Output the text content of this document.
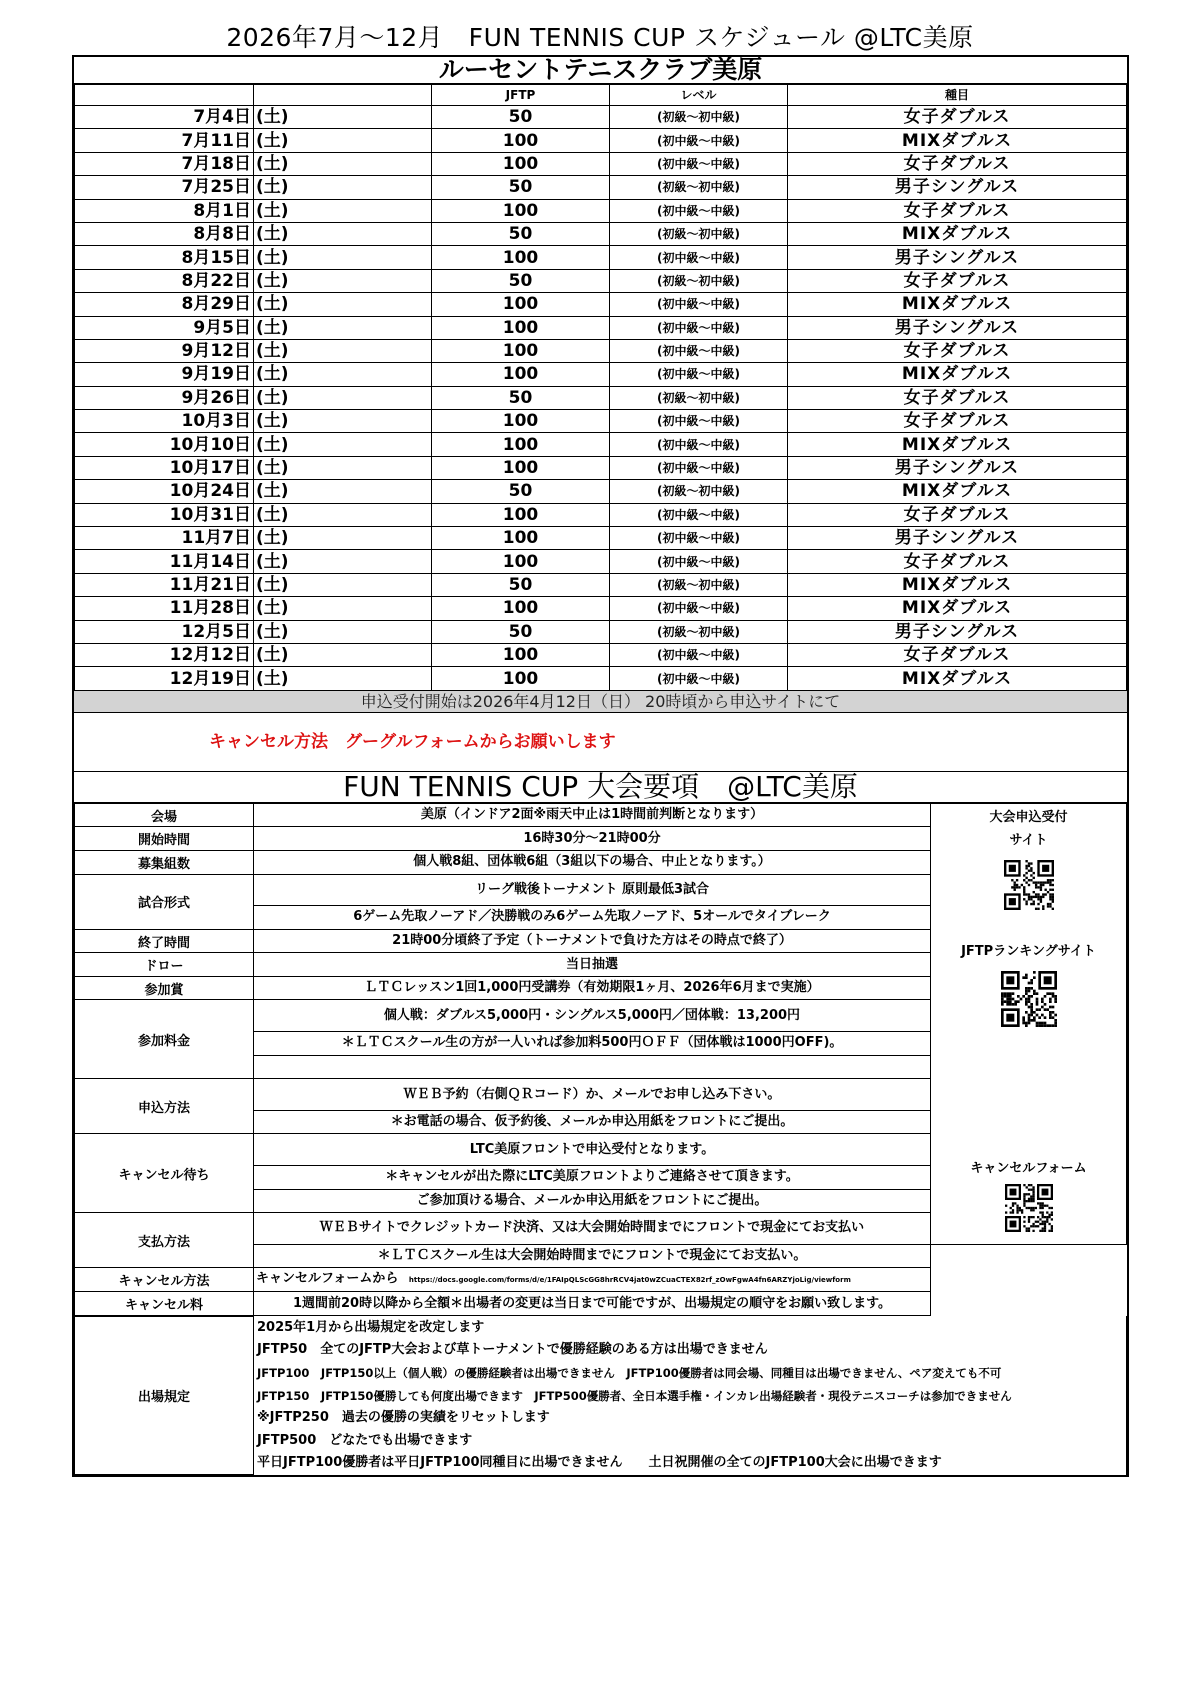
2026年7月〜12月　FUN TENNIS CUP スケジュール @LTC美原
ルーセントテニスクラブ美原
		JFTP	レベル	種目
7月4日	(土)	50	(初級〜初中級)	女子ダブルス
7月11日	(土)	100	(初中級〜中級)	MIXダブルス
7月18日	(土)	100	(初中級〜中級)	女子ダブルス
7月25日	(土)	50	(初級〜初中級)	男子シングルス
8月1日	(土)	100	(初中級〜中級)	女子ダブルス
8月8日	(土)	50	(初級〜初中級)	MIXダブルス
8月15日	(土)	100	(初中級〜中級)	男子シングルス
8月22日	(土)	50	(初級〜初中級)	女子ダブルス
8月29日	(土)	100	(初中級〜中級)	MIXダブルス
9月5日	(土)	100	(初中級〜中級)	男子シングルス
9月12日	(土)	100	(初中級〜中級)	女子ダブルス
9月19日	(土)	100	(初中級〜中級)	MIXダブルス
9月26日	(土)	50	(初級〜初中級)	女子ダブルス
10月3日	(土)	100	(初中級〜中級)	女子ダブルス
10月10日	(土)	100	(初中級〜中級)	MIXダブルス
10月17日	(土)	100	(初中級〜中級)	男子シングルス
10月24日	(土)	50	(初級〜初中級)	MIXダブルス
10月31日	(土)	100	(初中級〜中級)	女子ダブルス
11月7日	(土)	100	(初中級〜中級)	男子シングルス
11月14日	(土)	100	(初中級〜中級)	女子ダブルス
11月21日	(土)	50	(初級〜初中級)	MIXダブルス
11月28日	(土)	100	(初中級〜中級)	MIXダブルス
12月5日	(土)	50	(初級〜初中級)	男子シングルス
12月12日	(土)	100	(初中級〜中級)	女子ダブルス
12月19日	(土)	100	(初中級〜中級)	MIXダブルス
申込受付開始は2026年4月12日（日） 20時頃から申込サイトにて
キャンセル方法　グーグルフォームからお願いします
FUN TENNIS CUP 大会要項　@LTC美原
会場	美原（インドア2面※雨天中止は1時間前判断となります）	大会申込受付
サイト
JFTPランキングサイト
キャンセルフォーム

開始時間	16時30分〜21時00分	
募集組数	個人戦8組、団体戦6組（3組以下の場合、中止となります。）	
試合形式	リーグ戦後トーナメント 原則最低3試合	
	6ゲーム先取ノーアド／決勝戦のみ6ゲーム先取ノーアド、5オールでタイブレーク	
終了時間	21時00分頃終了予定（トーナメントで負けた方はその時点で終了）	
ドロー	当日抽選	
参加賞	ＬＴＣレッスン1回1,000円受講券（有効期限1ヶ月、2026年6月まで実施）	
参加料金	個人戦：ダブルス5,000円・シングルス5,000円／団体戦：13,200円	
	＊ＬＴＣスクール生の方が一人いれば参加料500円ＯＦＦ（団体戦は1000円OFF)。	

申込方法	ＷＥＢ予約（右側ＱＲコード）か、メールでお申し込み下さい。	
	＊お電話の場合、仮予約後、メールか申込用紙をフロントにご提出。	
キャンセル待ち	LTC美原フロントで申込受付となります。	
	＊キャンセルが出た際にLTC美原フロントよりご連絡させて頂きます。	
	ご参加頂ける場合、メールか申込用紙をフロントにご提出。	
支払方法	ＷＥＢサイトでクレジットカード決済、又は大会開始時間までにフロントで現金にてお支払い	
	＊ＬＴＣスクール生は大会開始時間までにフロントで現金にてお支払い。	
キャンセル方法	キャンセルフォームから https://docs.google.com/forms/d/e/1FAIpQLScGG8hrRCV4jat0wZCuaCTEX82rf_zOwFgwA4fn6ARZYjoLig/viewform	
キャンセル料	1週間前20時以降から全額＊出場者の変更は当日まで可能ですが、出場規定の順守をお願い致します。	
出場規定	2025年1月から出場規定を改定します
JFTP50　全てのJFTP大会および草トーナメントで優勝経験のある方は出場できません
JFTP100　JFTP150以上（個人戦）の優勝経験者は出場できません　JFTP100優勝者は同会場、同種目は出場できません、ペア変えても不可
JFTP150　JFTP150優勝しても何度出場できます　JFTP500優勝者、全日本選手権・インカレ出場経験者・現役テニスコーチは参加できません
※JFTP250　過去の優勝の実績をリセットします
JFTP500　どなたでも出場できます
平日JFTP100優勝者は平日JFTP100同種目に出場できません　　土日祝開催の全てのJFTP100大会に出場できます
